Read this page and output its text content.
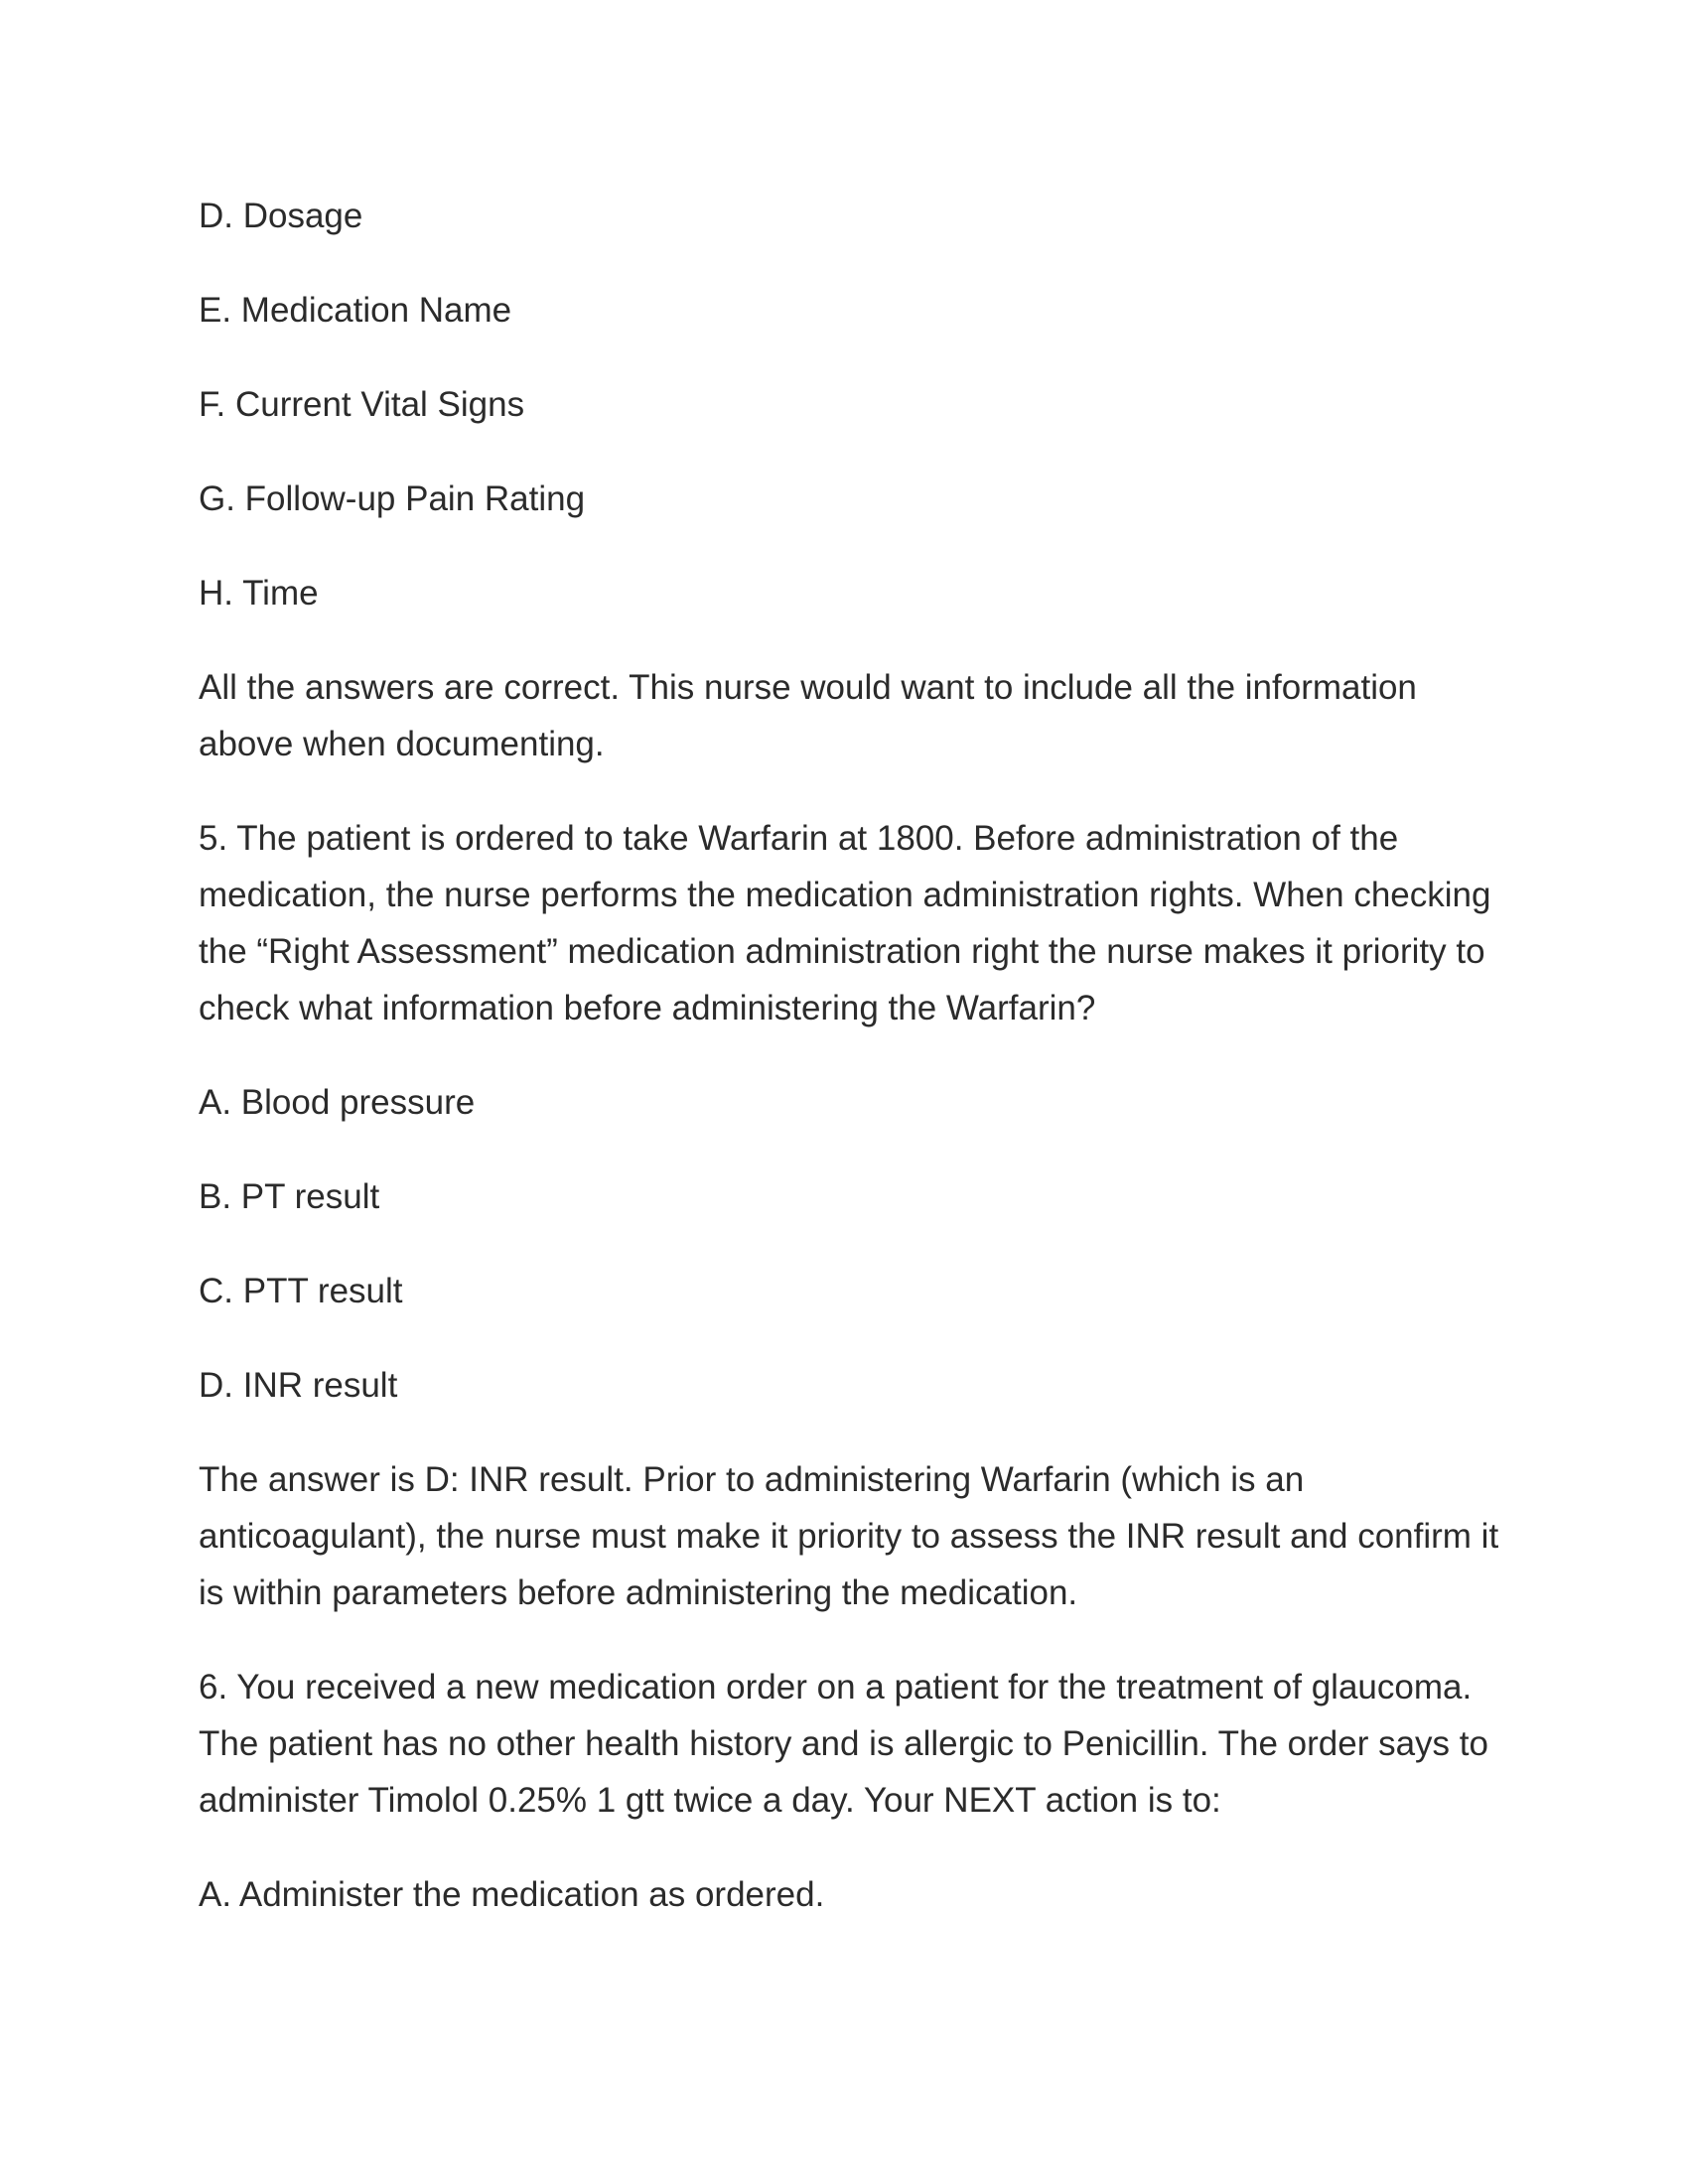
D. Dosage

E. Medication Name

F. Current Vital Signs

G. Follow-up Pain Rating

H. Time

All the answers are correct. This nurse would want to include all the information above when documenting.

5. The patient is ordered to take Warfarin at 1800. Before administration of the medication, the nurse performs the medication administration rights. When checking the “Right Assessment” medication administration right the nurse makes it priority to check what information before administering the Warfarin?

A. Blood pressure

B. PT result

C. PTT result

D. INR result

The answer is D: INR result. Prior to administering Warfarin (which is an anticoagulant), the nurse must make it priority to assess the INR result and confirm it is within parameters before administering the medication.

6. You received a new medication order on a patient for the treatment of glaucoma. The patient has no other health history and is allergic to Penicillin. The order says to administer Timolol 0.25% 1 gtt twice a day. Your NEXT action is to:

A. Administer the medication as ordered.
